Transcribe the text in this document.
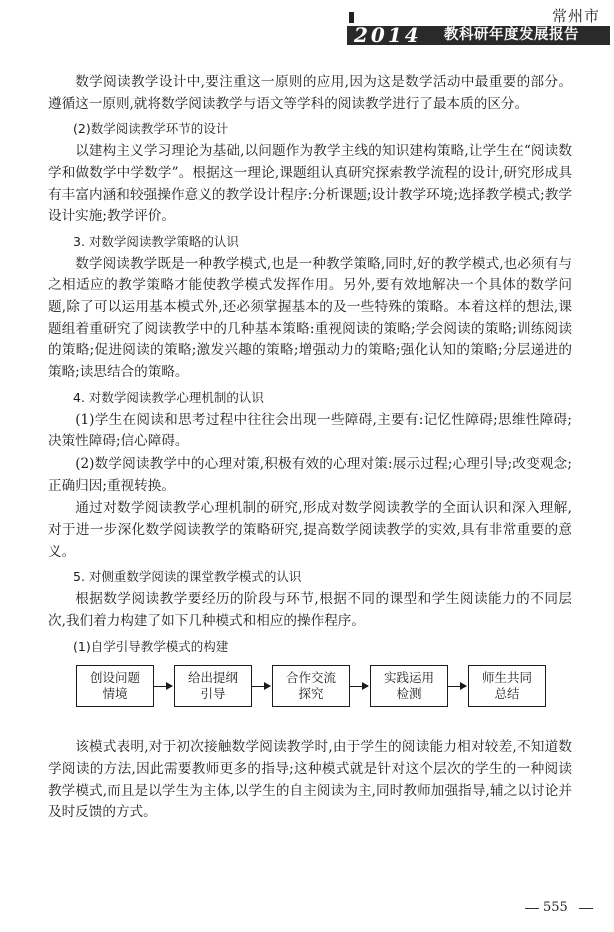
常州市
2014 教科研年度发展报告

数学阅读教学设计中,要注重这一原则的应用,因为这是数学活动中最重要的部分。遵循这一原则,就将数学阅读教学与语文等学科的阅读教学进行了最本质的区分。

(2)数学阅读教学环节的设计

以建构主义学习理论为基础,以问题作为教学主线的知识建构策略,让学生在“阅读数学和做数学中学数学”。根据这一理论,课题组认真研究探索教学流程的设计,研究形成具有丰富内涵和较强操作意义的教学设计程序:分析课题;设计教学环境;选择教学模式;教学设计实施;教学评价。

3. 对数学阅读教学策略的认识

数学阅读教学既是一种教学模式,也是一种教学策略,同时,好的教学模式,也必须有与之相适应的教学策略才能使教学模式发挥作用。另外,要有效地解决一个具体的数学问题,除了可以运用基本模式外,还必须掌握基本的及一些特殊的策略。本着这样的想法,课题组着重研究了阅读教学中的几种基本策略:重视阅读的策略;学会阅读的策略;训练阅读的策略;促进阅读的策略;激发兴趣的策略;增强动力的策略;强化认知的策略;分层递进的策略;读思结合的策略。

4. 对数学阅读教学心理机制的认识

(1)学生在阅读和思考过程中往往会出现一些障碍,主要有:记忆性障碍;思维性障碍;决策性障碍;信心障碍。

(2)数学阅读教学中的心理对策,积极有效的心理对策:展示过程;心理引导;改变观念;正确归因;重视转换。

通过对数学阅读教学心理机制的研究,形成对数学阅读教学的全面认识和深入理解,对于进一步深化数学阅读教学的策略研究,提高数学阅读教学的实效,具有非常重要的意义。

5. 对侧重数学阅读的课堂教学模式的认识

根据数学阅读教学要经历的阶段与环节,根据不同的课型和学生阅读能力的不同层次,我们着力构建了如下几种模式和相应的操作程序。

(1)自学引导教学模式的构建
创设问题情境
给出提纲引导
合作交流探究
实践运用检测
师生共同总结

该模式表明,对于初次接触数学阅读教学时,由于学生的阅读能力相对较差,不知道数学阅读的方法,因此需要教师更多的指导;这种模式就是针对这个层次的学生的一种阅读教学模式,而且是以学生为主体,以学生的自主阅读为主,同时教师加强指导,辅之以讨论并及时反馈的方式。

555
